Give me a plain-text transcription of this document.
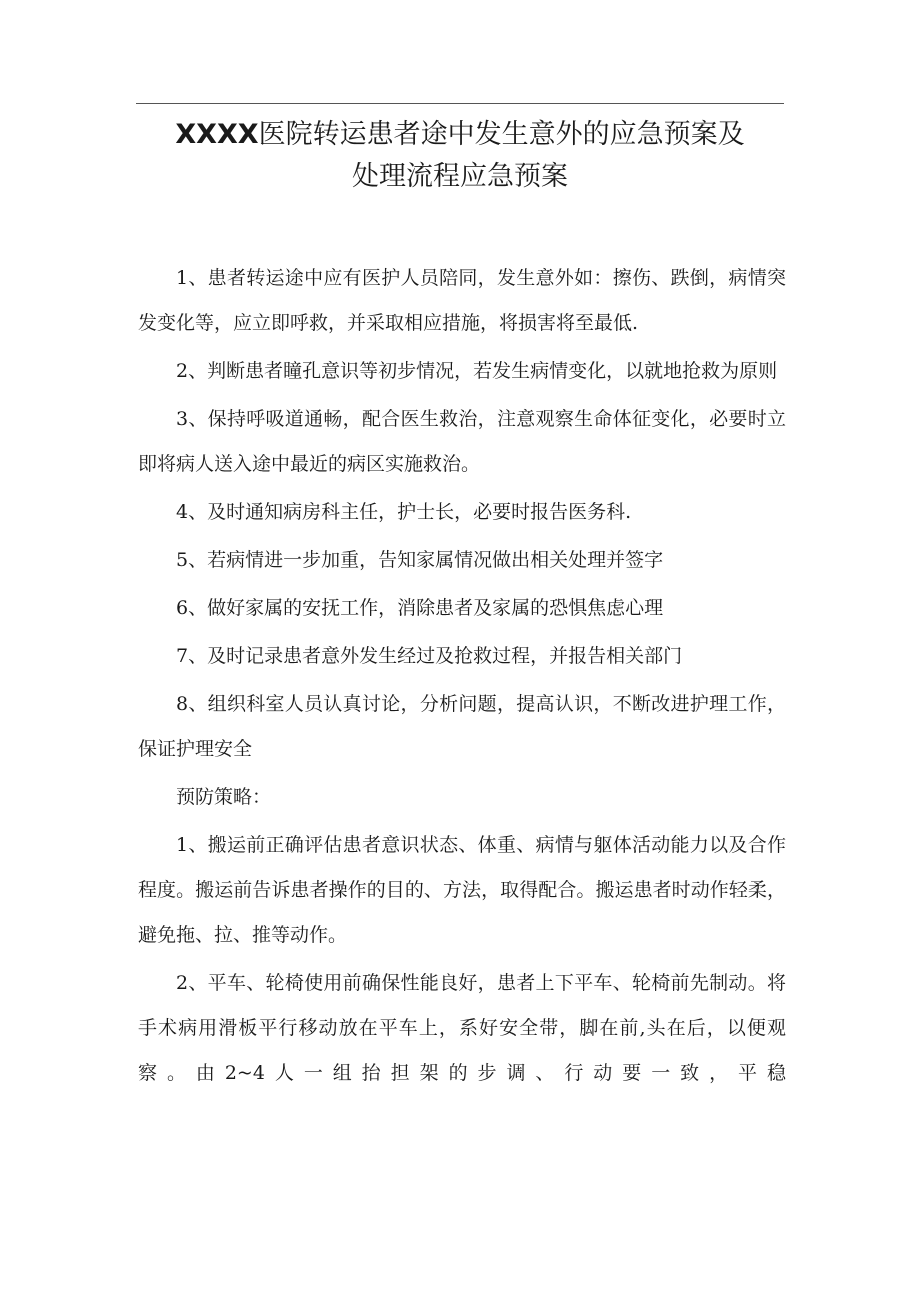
XXXX医院转运患者途中发生意外的应急预案及
处理流程应急预案

1、患者转运途中应有医护人员陪同，发生意外如：擦伤、跌倒，病情突发变化等，应立即呼救，并采取相应措施，将损害将至最低.

2、判断患者瞳孔意识等初步情况，若发生病情变化，以就地抢救为原则

3、保持呼吸道通畅，配合医生救治，注意观察生命体征变化，必要时立即将病人送入途中最近的病区实施救治。

4、及时通知病房科主任，护士长，必要时报告医务科.

5、若病情进一步加重，告知家属情况做出相关处理并签字

6、做好家属的安抚工作，消除患者及家属的恐惧焦虑心理

7、及时记录患者意外发生经过及抢救过程，并报告相关部门

8、组织科室人员认真讨论，分析问题，提高认识，不断改进护理工作，保证护理安全

预防策略：

1、搬运前正确评估患者意识状态、体重、病情与躯体活动能力以及合作程度。搬运前告诉患者操作的目的、方法，取得配合。搬运患者时动作轻柔，避免拖、拉、推等动作。

2、平车、轮椅使用前确保性能良好，患者上下平车、轮椅前先制动。将手术病用滑板平行移动放在平车上，系好安全带，脚在前,头在后，以便观察。由2~4人一组抬担架的步调、行动要一致，平稳
